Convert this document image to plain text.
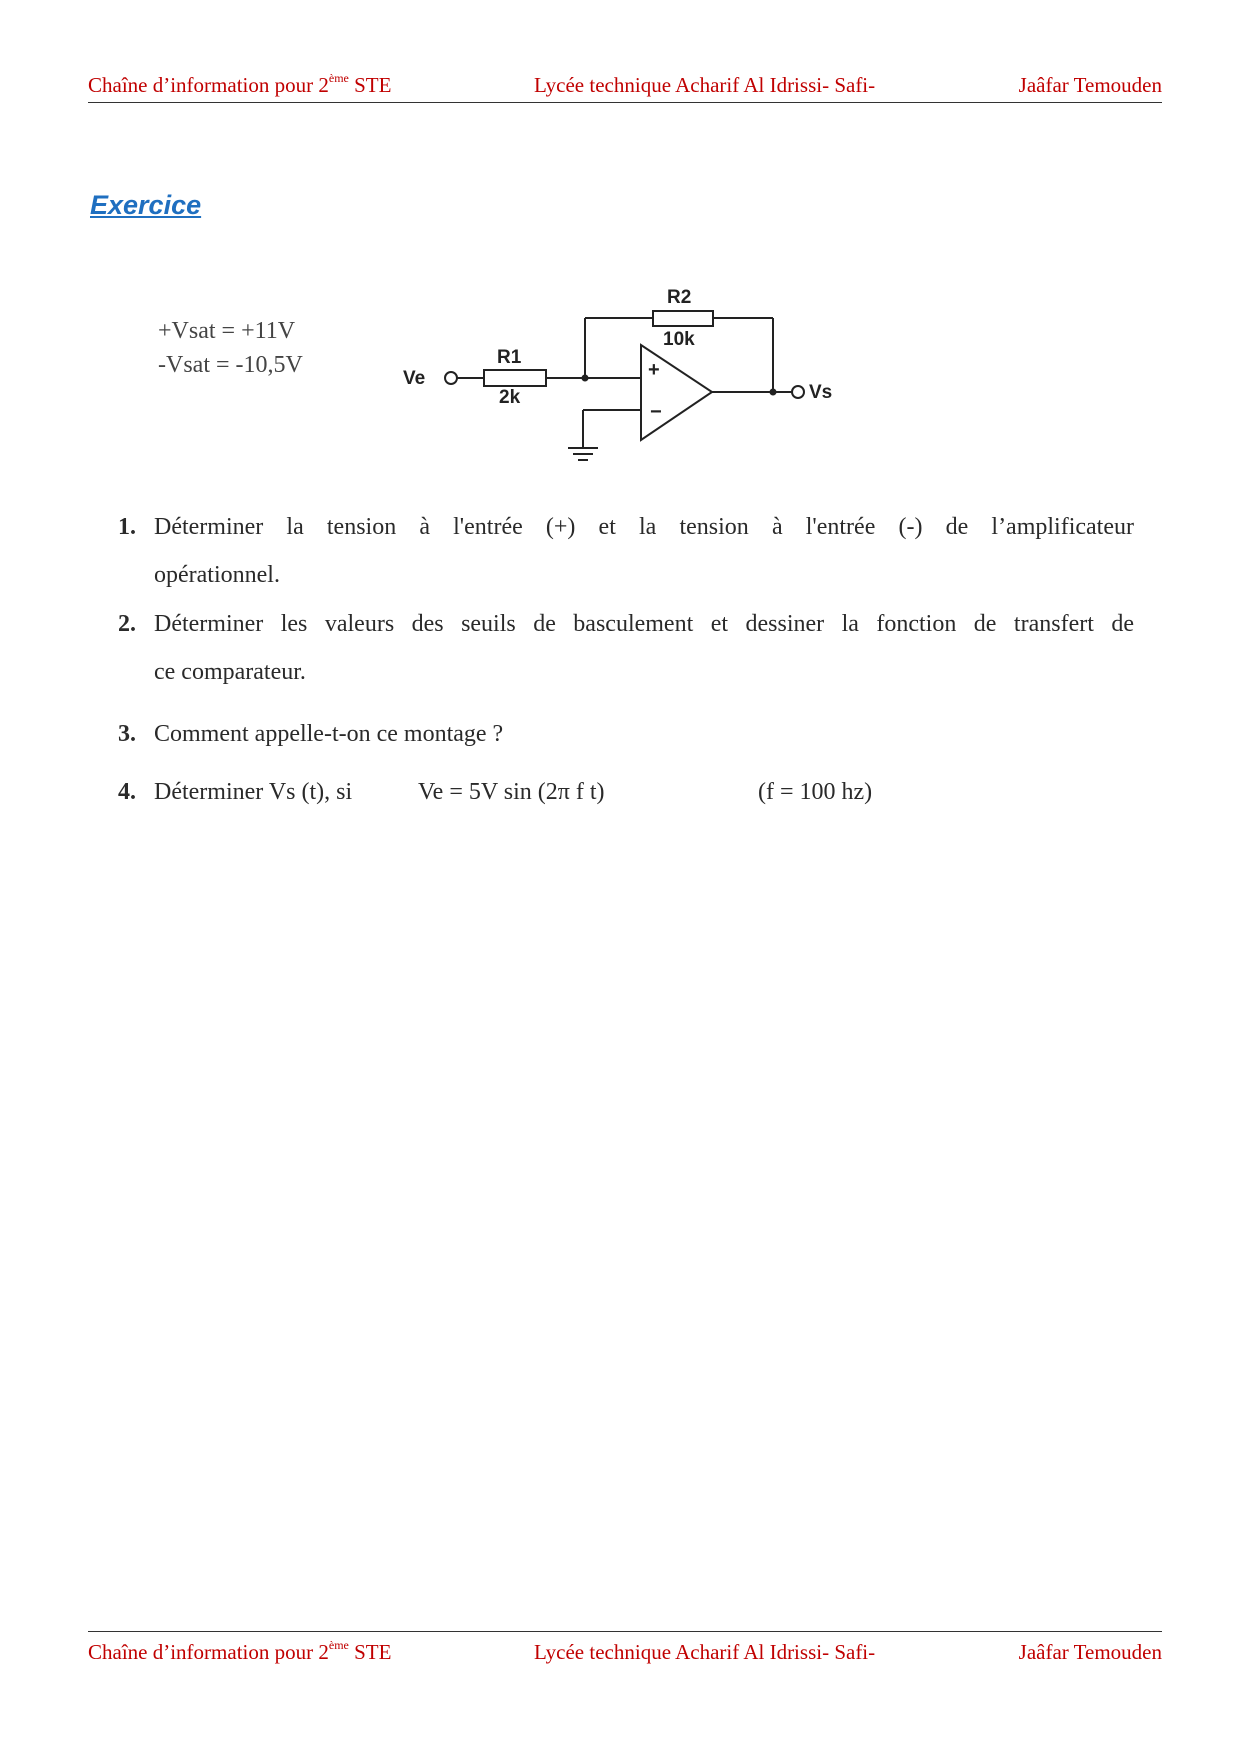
Chaîne d’information pour 2ème STE	Lycée technique Acharif Al Idrissi- Safi-	Jaâfar Temouden
Exercice
+Vsat = +11V
-Vsat = -10,5V
R2
10k
R1
2k
Ve
Vs
+
−
1. Déterminer la tension à l'entrée (+) et la tension à l'entrée (-) de l’amplificateur
opérationnel.
2. Déterminer les valeurs des seuils de basculement et dessiner la fonction de transfert de
ce comparateur.
3. Comment appelle-t-on ce montage ?
4. Déterminer Vs (t), si	Ve = 5V sin (2π f t)	(f = 100 hz)
Chaîne d’information pour 2ème STE	Lycée technique Acharif Al Idrissi- Safi-	Jaâfar Temouden
